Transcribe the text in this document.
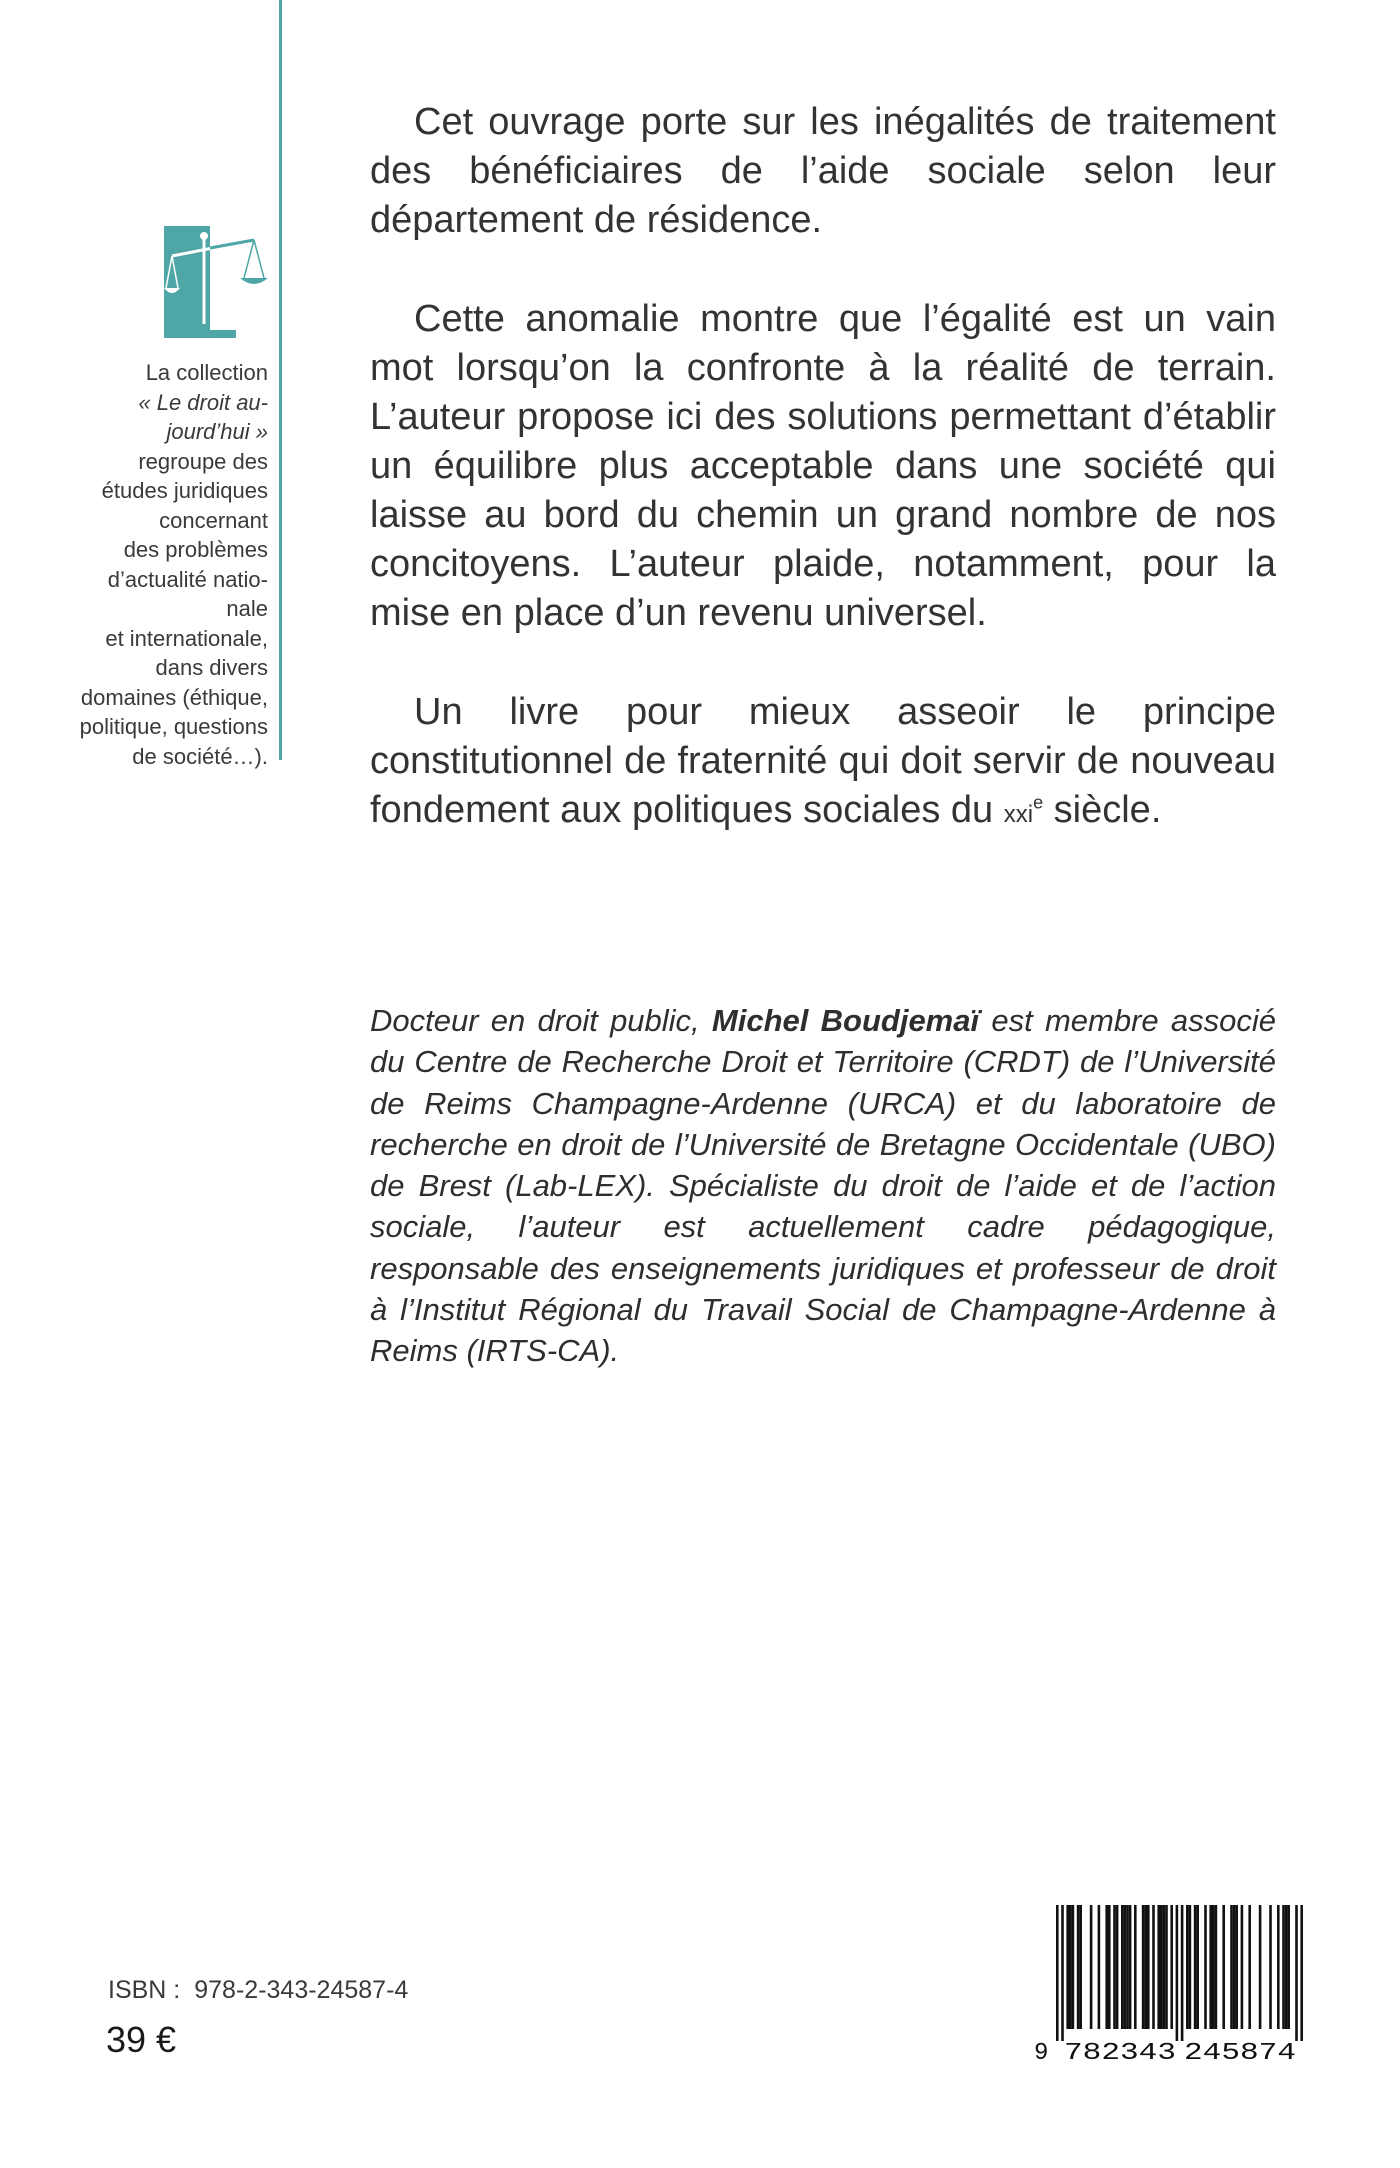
La collection
« Le droit au-
jourd’hui »
regroupe des
études juridiques
concernant
des problèmes
d’actualité natio-
nale
et internationale,
dans divers
domaines (éthique,
politique, questions
de société…).

Cet ouvrage porte sur les inégalités de traitement des bénéficiaires de l’aide sociale selon leur département de résidence.

Cette anomalie montre que l’égalité est un vain mot lorsqu’on la confronte à la réalité de terrain. L’auteur propose ici des solutions permettant d’établir un équilibre plus acceptable dans une société qui laisse au bord du chemin un grand nombre de nos concitoyens. L’auteur plaide, notamment, pour la mise en place d’un revenu universel.

Un livre pour mieux asseoir le principe constitutionnel de fraternité qui doit servir de nouveau fondement aux politiques sociales du xxi$^e$ siècle.

Docteur en droit public, Michel Boudjemaï est membre associé du Centre de Recherche Droit et Territoire (CRDT) de l’Université de Reims Champagne-Ardenne (URCA) et du laboratoire de recherche en droit de l’Université de Bretagne Occidentale (UBO) de Brest (Lab-LEX). Spécialiste du droit de l’aide et de l’action sociale, l’auteur est actuellement cadre pédagogique, responsable des enseignements juridiques et professeur de droit à l’Institut Régional du Travail Social de Champagne-Ardenne à Reims (IRTS-CA).

ISBN : 978-2-343-24587-4
39 €	9 782343 245874
